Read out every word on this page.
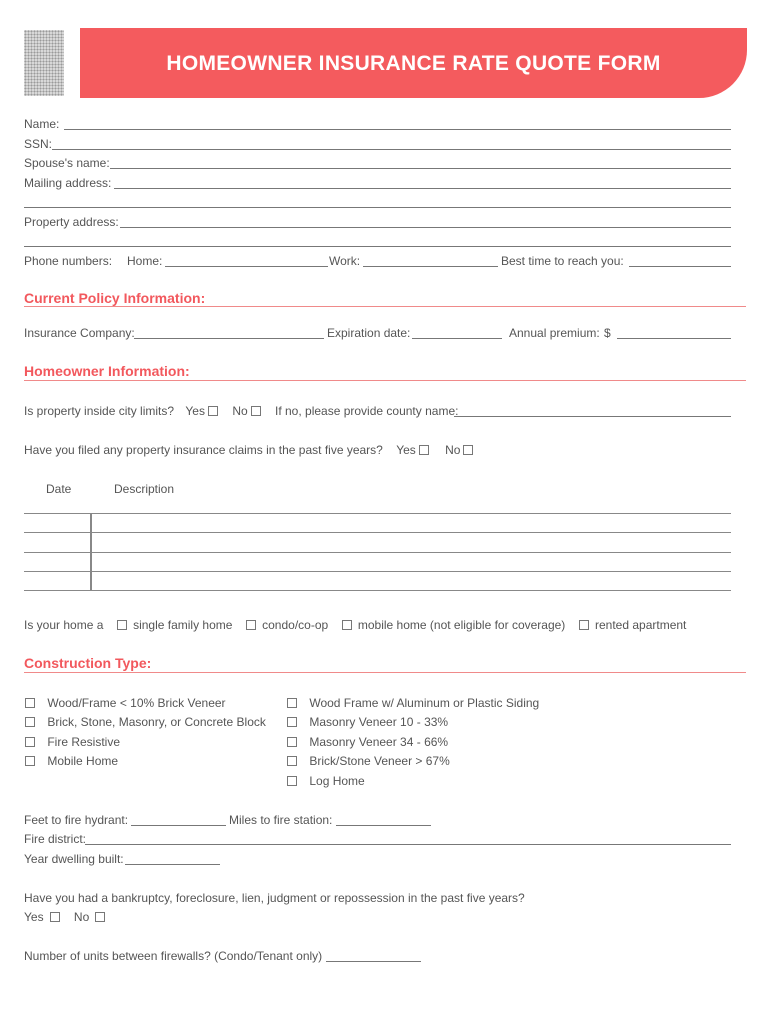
HOMEOWNER INSURANCE RATE QUOTE FORM
Name:
SSN:
Spouse's name:
Mailing address:
Property address:
Phone numbers: Home:	Work:	Best time to reach you:
Current Policy Information:
Insurance Company:	Expiration date:	Annual premium: $
Homeowner Information:
Is property inside city limits? Yes No If no, please provide county name:
Have you filed any property insurance claims in the past five years? Yes No
Date	Description
Is your home a single family home condo/co-op mobile home (not eligible for coverage) rented apartment
Construction Type:
Wood/Frame < 10% Brick Veneer
Brick, Stone, Masonry, or Concrete Block
Fire Resistive
Mobile Home
Wood Frame w/ Aluminum or Plastic Siding
Masonry Veneer 10 - 33%
Masonry Veneer 34 - 66%
Brick/Stone Veneer > 67%
Log Home
Feet to fire hydrant:	Miles to fire station:
Fire district:
Year dwelling built:
Have you had a bankruptcy, foreclosure, lien, judgment or repossession in the past five years?
Yes	No
Number of units between firewalls? (Condo/Tenant only)
